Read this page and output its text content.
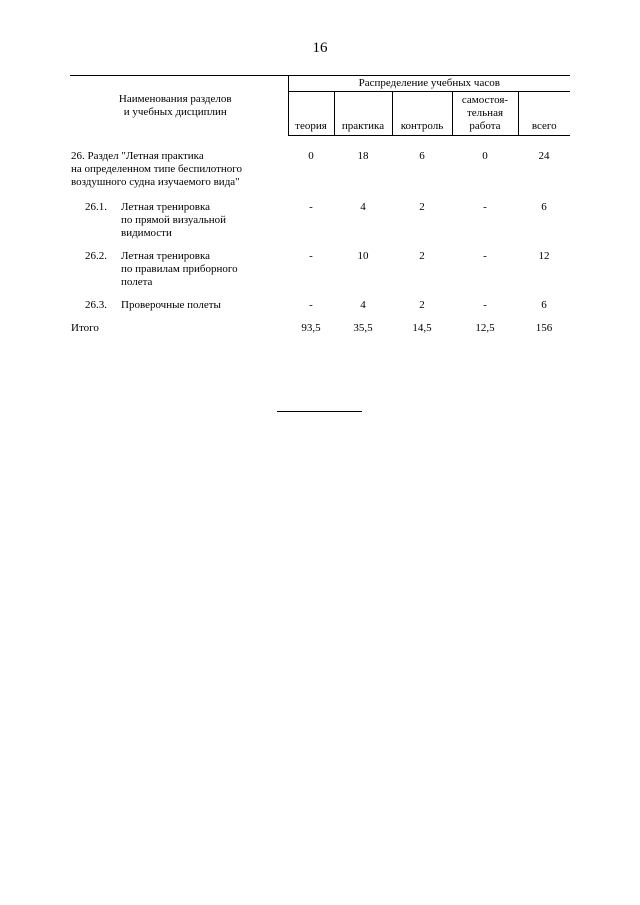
16
Наименования разделов
и учебных дисциплин	Распределение учебных часов				

	теория	практика	контроль	самостоя-
тельная
работа	всего

26. Раздел "Летная практика
на определенном типе беспилотного
воздушного судна изучаемого вида"	0	18	6	0	24

26.1. Летная тренировка
по прямой визуальной
видимости	-	4	2	-	6

26.2. Летная тренировка
по правилам приборного
полета	-	10	2	-	12

26.3. Проверочные полеты	-	4	2	-	6

Итого	93,5	35,5	14,5	12,5	156
